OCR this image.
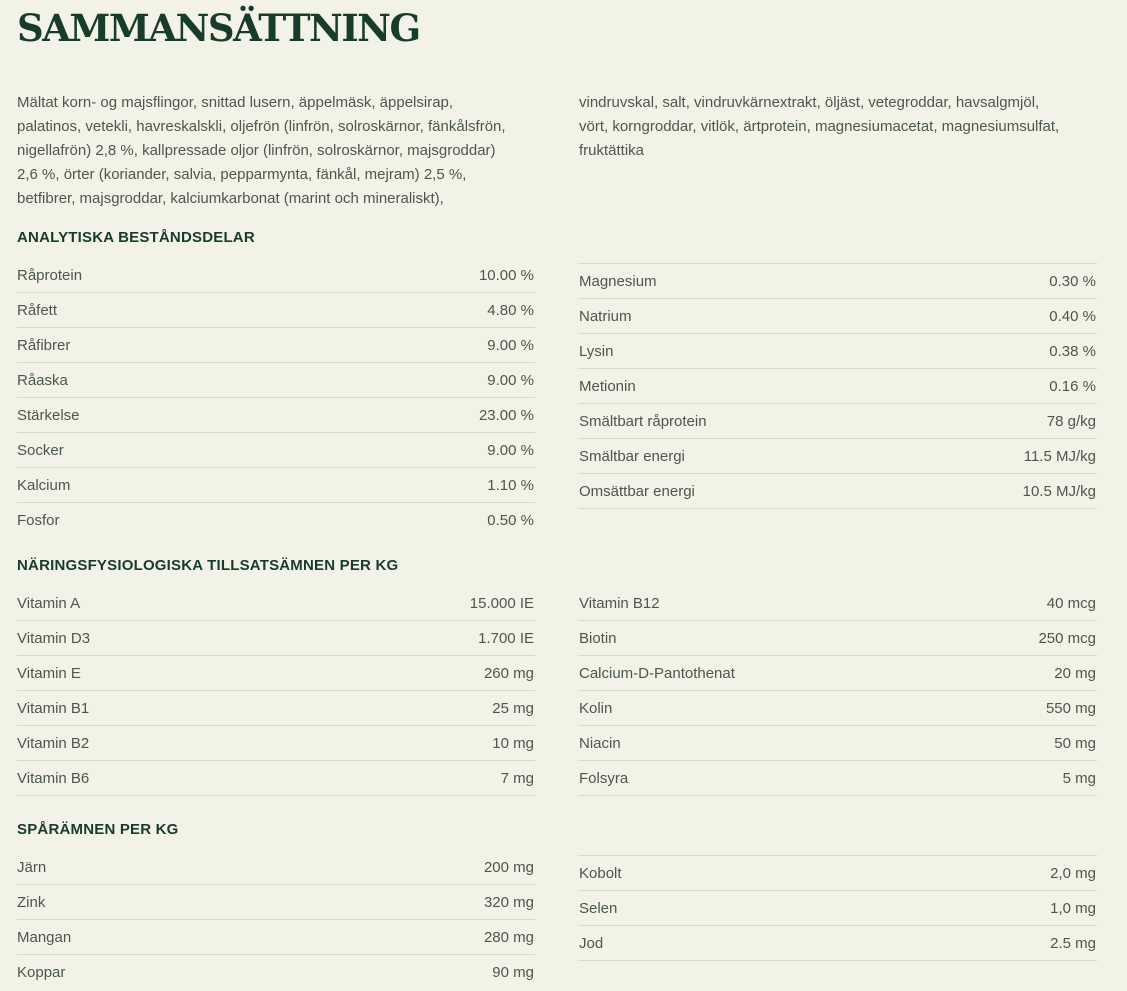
SAMMANSÄTTNING

Mältat korn- og majsflingor, snittad lusern, äppelmäsk, äppelsirap,
palatinos, vetekli, havreskalskli, oljefrön (linfrön, solroskärnor, fänkålsfrön,
nigellafrön) 2,8 %, kallpressade oljor (linfrön, solroskärnor, majsgroddar)
2,6 %, örter (koriander, salvia, pepparmynta, fänkål, mejram) 2,5 %,
betfibrer, majsgroddar, kalciumkarbonat (marint och mineraliskt),

vindruvskal, salt, vindruvkärnextrakt, öljäst, vetegroddar, havsalgmjöl,
vört, korngroddar, vitlök, ärtprotein, magnesiumacetat, magnesiumsulfat,
fruktättika

ANALYTISKA BESTÅNDSDELAR
Råprotein	10.00 %
Råfett	4.80 %
Råfibrer	9.00 %
Råaska	9.00 %
Stärkelse	23.00 %
Socker	9.00 %
Kalcium	1.10 %
Fosfor	0.50 %
Magnesium	0.30 %
Natrium	0.40 %
Lysin	0.38 %
Metionin	0.16 %
Smältbart råprotein	78 g/kg
Smältbar energi	11.5 MJ/kg
Omsättbar energi	10.5 MJ/kg
NÄRINGSFYSIOLOGISKA TILLSATSÄMNEN PER KG
Vitamin A	15.000 IE
Vitamin D3	1.700 IE
Vitamin E	260 mg
Vitamin B1	25 mg
Vitamin B2	10 mg
Vitamin B6	7 mg
Vitamin B12	40 mcg
Biotin	250 mcg
Calcium-D-Pantothenat	20 mg
Kolin	550 mg
Niacin	50 mg
Folsyra	5 mg
SPÅRÄMNEN PER KG
Järn	200 mg
Zink	320 mg
Mangan	280 mg
Koppar	90 mg
Kobolt	2,0 mg
Selen	1,0 mg
Jod	2.5 mg
